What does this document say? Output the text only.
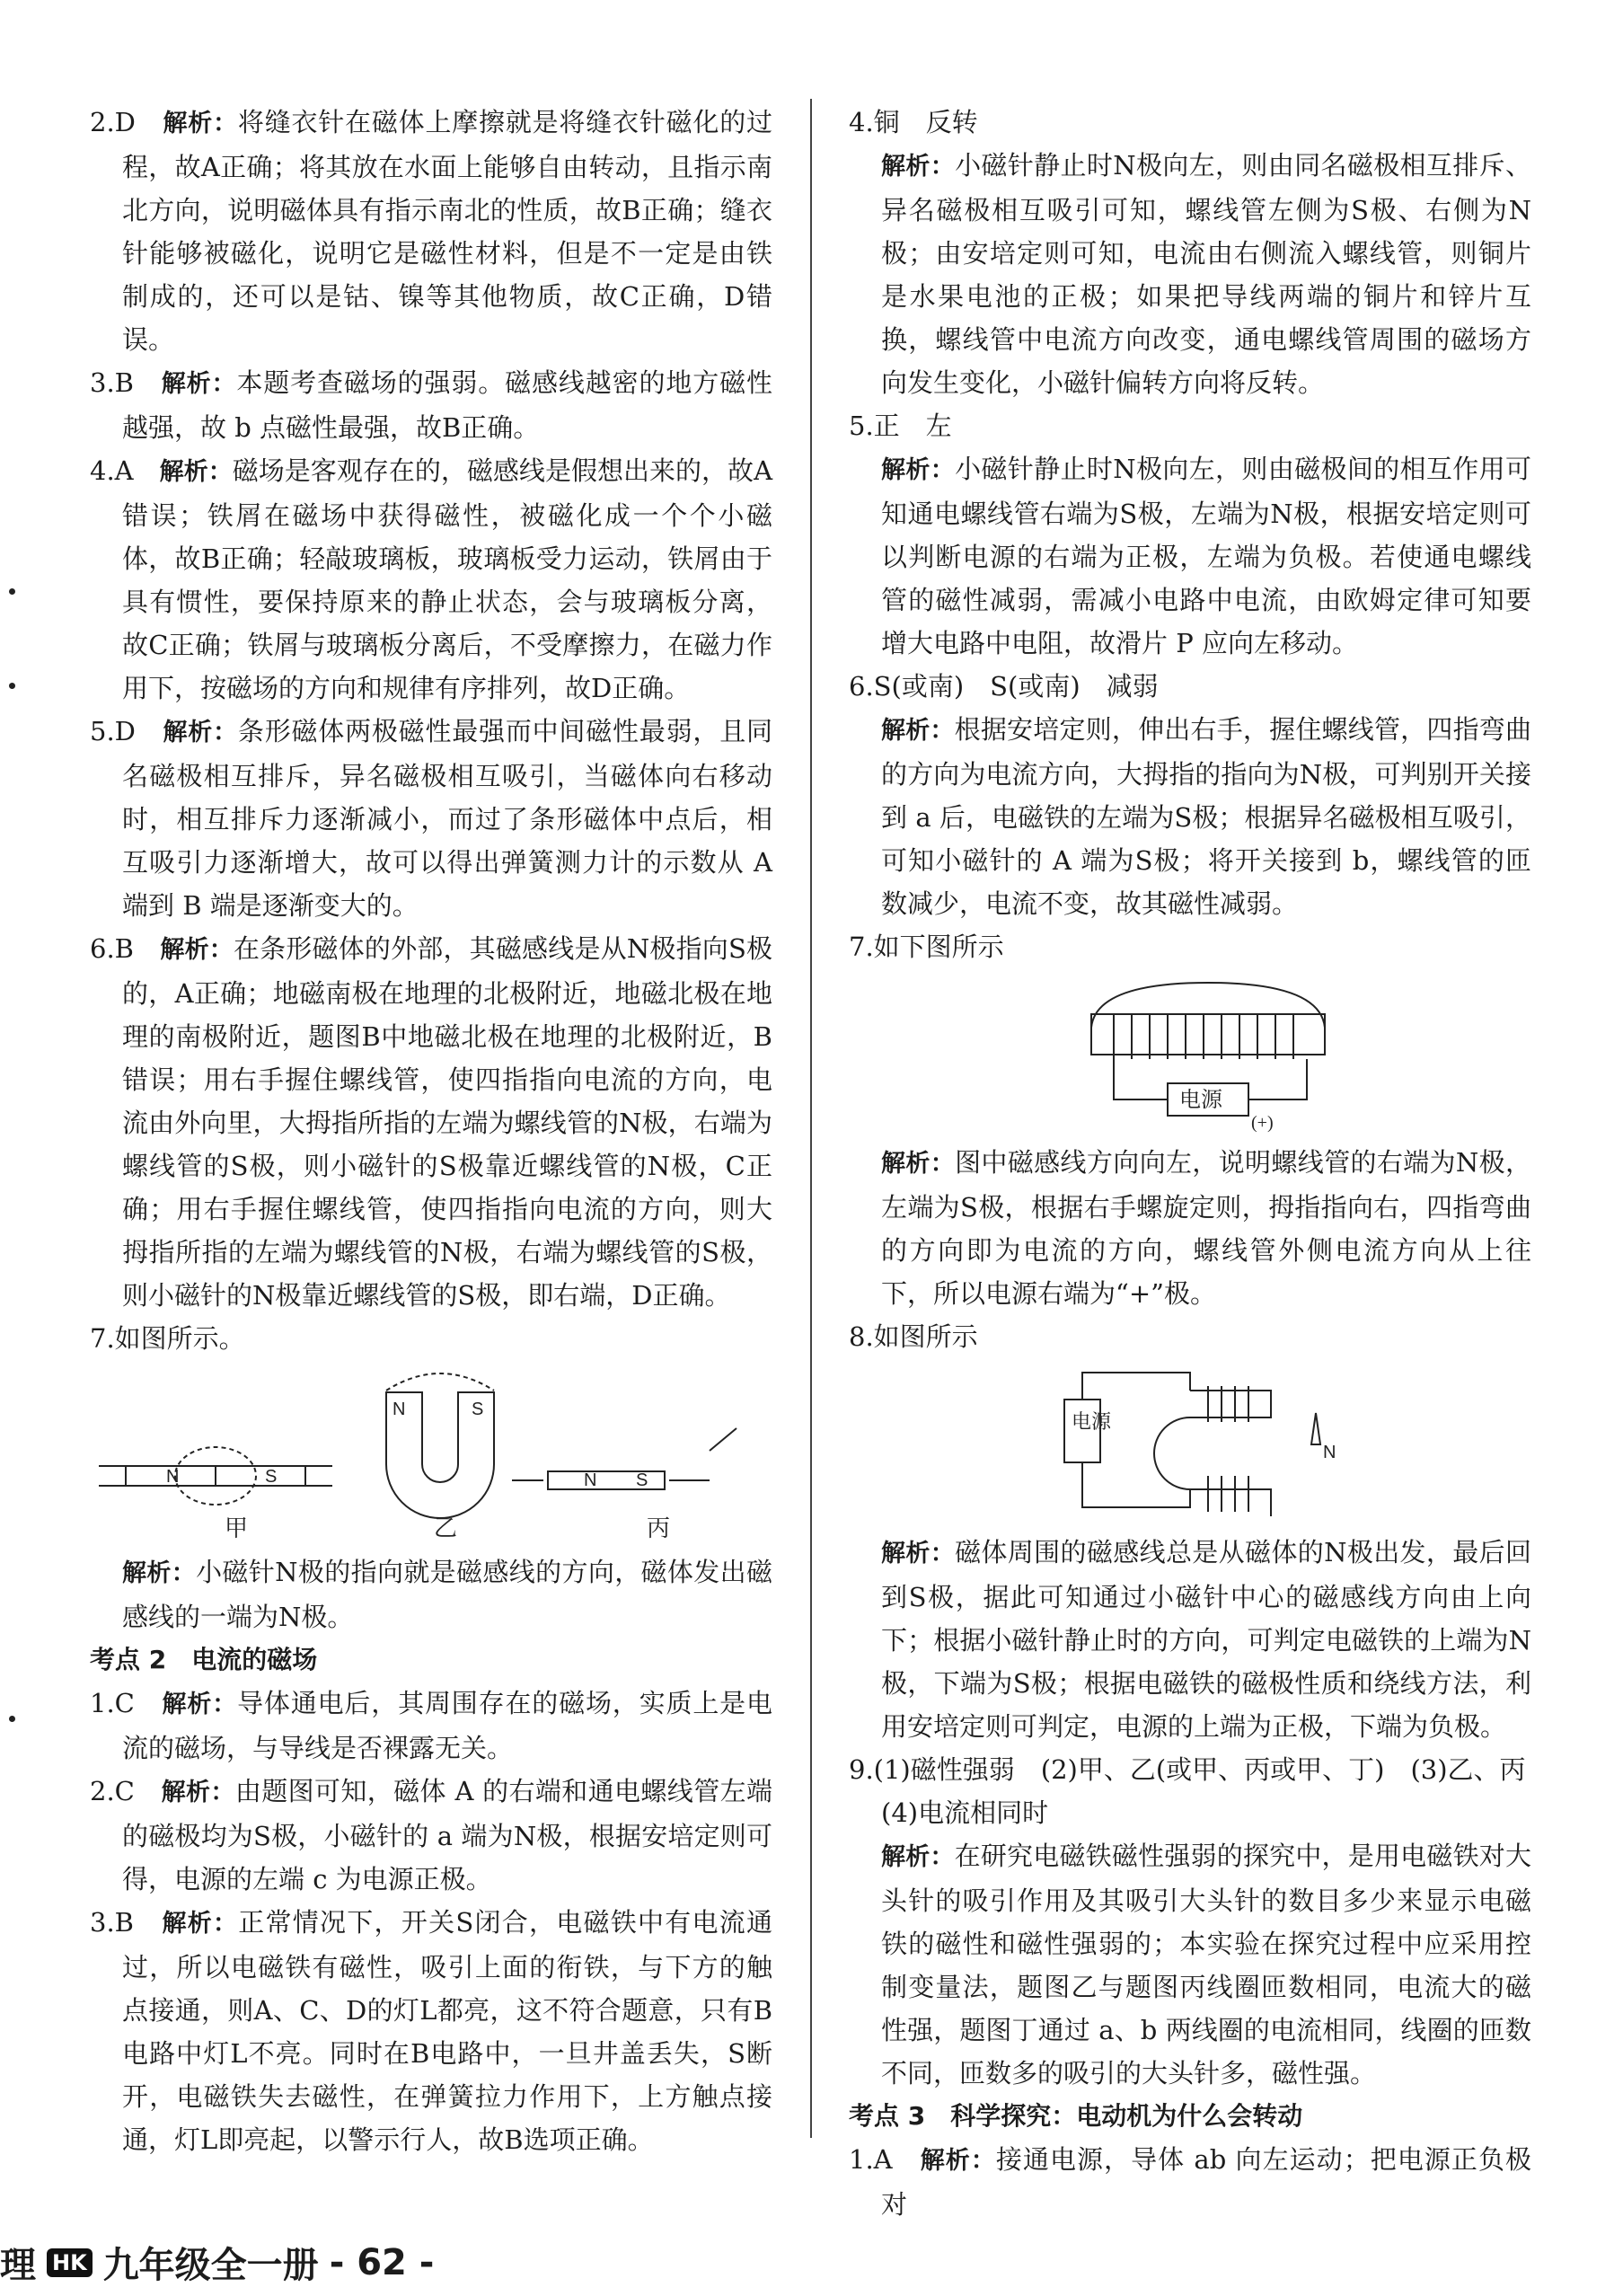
2.D　 解析：将缝衣针在磁体上摩擦就是将缝衣针磁化的过程，故A正确；将其放在水面上能够自由转动，且指示南北方向，说明磁体具有指示南北的性质，故B正确；缝衣针能够被磁化，说明它是磁性材料，但是不一定是由铁制成的，还可以是钴、镍等其他物质，故C正确，D错误。
3.B　 解析：本题考查磁场的强弱。磁感线越密的地方磁性越强，故 b 点磁性最强，故B正确。
4.A　 解析：磁场是客观存在的，磁感线是假想出来的，故A错误；铁屑在磁场中获得磁性，被磁化成一个个小磁体，故B正确；轻敲玻璃板，玻璃板受力运动，铁屑由于具有惯性，要保持原来的静止状态，会与玻璃板分离，故C正确；铁屑与玻璃板分离后，不受摩擦力，在磁力作用下，按磁场的方向和规律有序排列，故D正确。
5.D　 解析：条形磁体两极磁性最强而中间磁性最弱，且同名磁极相互排斥，异名磁极相互吸引，当磁体向右移动时，相互排斥力逐渐减小，而过了条形磁体中点后，相互吸引力逐渐增大，故可以得出弹簧测力计的示数从 A 端到 B 端是逐渐变大的。
6.B　 解析：在条形磁体的外部，其磁感线是从N极指向S极的，A正确；地磁南极在地理的北极附近，地磁北极在地理的南极附近，题图B中地磁北极在地理的北极附近，B错误；用右手握住螺线管，使四指指向电流的方向，电流由外向里，大拇指所指的左端为螺线管的N极，右端为螺线管的S极，则小磁针的S极靠近螺线管的N极，C正确；用右手握住螺线管，使四指指向电流的方向，则大拇指所指的左端为螺线管的N极，右端为螺线管的S极，则小磁针的N极靠近螺线管的S极，即右端，D正确。
7.如图所示。
N	S
N	S
N S
甲	乙	丙
解析：小磁针N极的指向就是磁感线的方向，磁体发出磁感线的一端为N极。
考点 2　电流的磁场
1.C　 解析：导体通电后，其周围存在的磁场，实质上是电流的磁场，与导线是否裸露无关。
2.C　 解析：由题图可知，磁体 A 的右端和通电螺线管左端的磁极均为S极，小磁针的 a 端为N极，根据安培定则可得，电源的左端 c 为电源正极。
3.B　 解析：正常情况下，开关S闭合，电磁铁中有电流通过，所以电磁铁有磁性，吸引上面的衔铁，与下方的触点接通，则A、C、D的灯L都亮，这不符合题意，只有B电路中灯L不亮。同时在B电路中，一旦井盖丢失，S断开，电磁铁失去磁性，在弹簧拉力作用下，上方触点接通，灯L即亮起，以警示行人，故B选项正确。
4.铜　反转
解析：小磁针静止时N极向左，则由同名磁极相互排斥、异名磁极相互吸引可知，螺线管左侧为S极、右侧为N极；由安培定则可知，电流由右侧流入螺线管，则铜片是水果电池的正极；如果把导线两端的铜片和锌片互换，螺线管中电流方向改变，通电螺线管周围的磁场方向发生变化，小磁针偏转方向将反转。
5.正　左
解析：小磁针静止时N极向左，则由磁极间的相互作用可知通电螺线管右端为S极，左端为N极，根据安培定则可以判断电源的右端为正极，左端为负极。若使通电螺线管的磁性减弱，需减小电路中电流，由欧姆定律可知要增大电路中电阻，故滑片 P 应向左移动。
6.S(或南)　S(或南)　减弱
解析：根据安培定则，伸出右手，握住螺线管，四指弯曲的方向为电流方向，大拇指的指向为N极，可判别开关接到 a 后，电磁铁的左端为S极；根据异名磁极相互吸引，可知小磁针的 A 端为S极；将开关接到 b，螺线管的匝数减少，电流不变，故其磁性减弱。
7.如下图所示
电源
(+)
解析：图中磁感线方向向左，说明螺线管的右端为N极，左端为S极，根据右手螺旋定则，拇指指向右，四指弯曲的方向即为电流的方向，螺线管外侧电流方向从上往下，所以电源右端为“+”极。
8.如图所示
电源
N
解析：磁体周围的磁感线总是从磁体的N极出发，最后回到S极，据此可知通过小磁针中心的磁感线方向由上向下；根据小磁针静止时的方向，可判定电磁铁的上端为N极，下端为S极；根据电磁铁的磁极性质和绕线方法，利用安培定则可判定，电源的上端为正极，下端为负极。
9.(1)磁性强弱　(2)甲、乙(或甲、丙或甲、丁)　(3)乙、丙
(4)电流相同时
解析：在研究电磁铁磁性强弱的探究中，是用电磁铁对大头针的吸引作用及其吸引大头针的数目多少来显示电磁铁的磁性和磁性强弱的；本实验在探究过程中应采用控制变量法，题图乙与题图丙线圈匝数相同，电流大的磁性强，题图丁通过 a、b 两线圈的电流相同，线圈的匝数不同，匝数多的吸引的大头针多，磁性强。
考点 3　科学探究：电动机为什么会转动
1.A　 解析：接通电源，导体 ab 向左运动；把电源正负极对
理 HK 九年级全一册 - 62 -
